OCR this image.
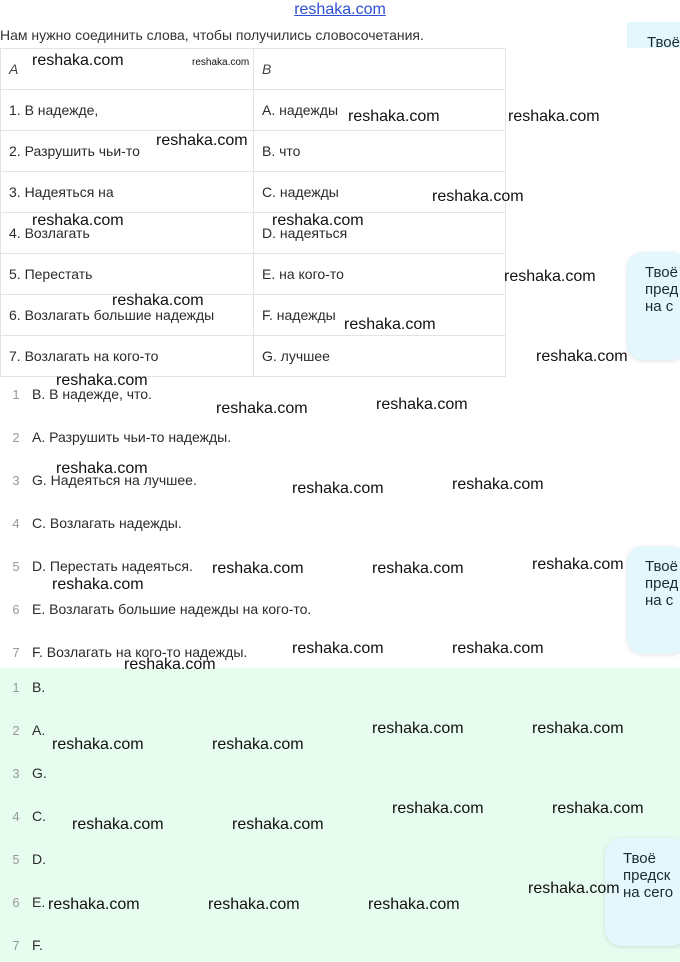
reshaka.com
Нам нужно соединить слова, чтобы получились словосочетания.
A	B
1. В надежде,	A. надежды
2. Разрушить чьи-то	B. что
3. Надеяться на	C. надежды
4. Возлагать	D. надеяться
5. Перестать	E. на кого-то
6. Возлагать большие надежды	F. надежды
7. Возлагать на кого-то	G. лучшее
1 B. В надежде, что.
2 A. Разрушить чьи-то надежды.
3 G. Надеяться на лучшее.
4 C. Возлагать надежды.
5 D. Перестать надеяться.
6 E. Возлагать большие надежды на кого-то.
7 F. Возлагать на кого-то надежды.
1 B.
2 A.
3 G.
4 C.
5 D.
6 E.
7 F.
Твоё
Твоё
пред
на с
Твоё
пред
на с
Твоё
предск
на сего
reshaka.com	reshaka.com
reshaka.com	reshaka.com
reshaka.com
reshaka.com
reshaka.com	reshaka.com
reshaka.com
reshaka.com
reshaka.com
reshaka.com
reshaka.com
reshaka.com
reshaka.com
reshaka.com
reshaka.com
reshaka.com
reshaka.com
reshaka.com	reshaka.com
reshaka.com
reshaka.com	reshaka.com
reshaka.com
reshaka.com	reshaka.com
reshaka.com	reshaka.com
reshaka.com	reshaka.com
reshaka.com	reshaka.com
reshaka.com
reshaka.com	reshaka.com	reshaka.com
